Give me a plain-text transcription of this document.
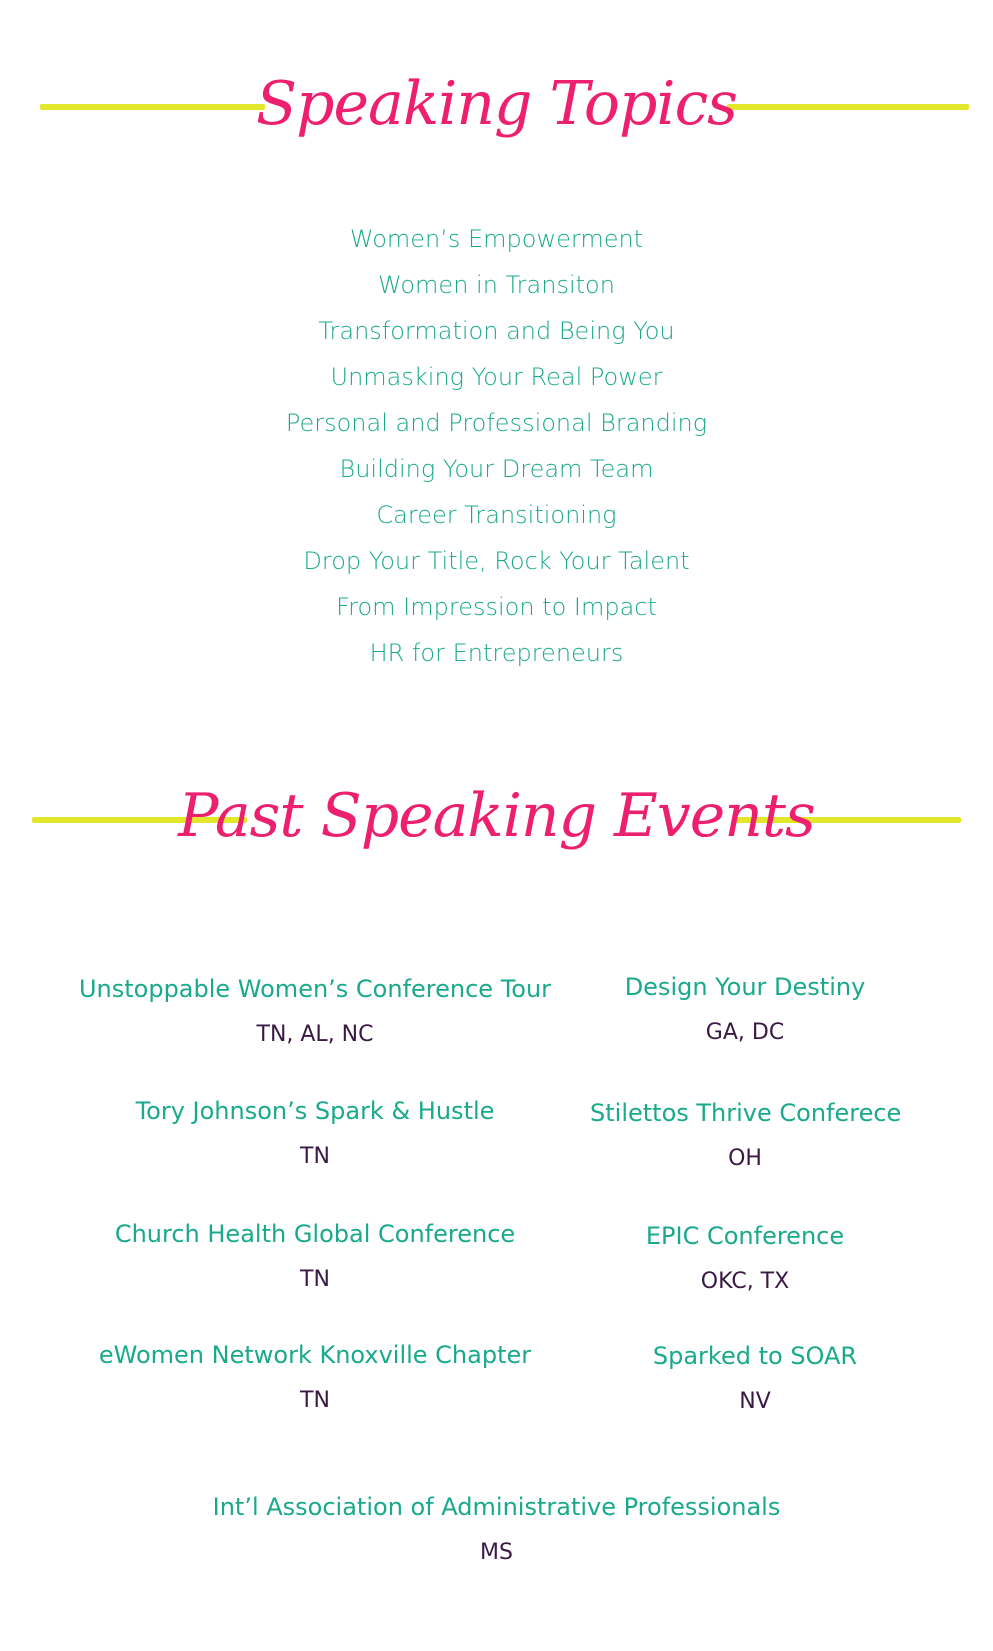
Speaking Topics
Women’s Empowerment
Women in Transiton
Transformation and Being You
Unmasking Your Real Power
Personal and Professional Branding
Building Your Dream Team
Career Transitioning
Drop Your Title, Rock Your Talent
From Impression to Impact
HR for Entrepreneurs
Past Speaking Events
Unstoppable Women’s Conference Tour
TN, AL, NC
Tory Johnson’s Spark & Hustle
TN
Church Health Global Conference
TN
eWomen Network Knoxville Chapter
TN
Design Your Destiny
GA, DC
Stilettos Thrive Conferece
OH
EPIC Conference
OKC, TX
Sparked to SOAR
NV
Int’l Association of Administrative Professionals
MS
